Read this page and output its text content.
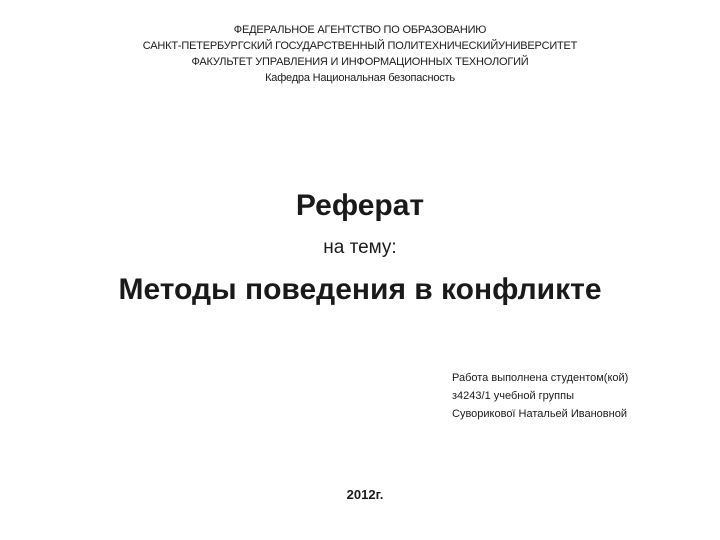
ФЕДЕРАЛЬНОЕ АГЕНТСТВО ПО ОБРАЗОВАНИЮ
САНКТ-ПЕТЕРБУРГСКИЙ ГОСУДАРСТВЕННЫЙ ПОЛИТЕХНИЧЕСКИЙУНИВЕРСИТЕТ
ФАКУЛЬТЕТ УПРАВЛЕНИЯ И ИНФОРМАЦИОННЫХ ТЕХНОЛОГИЙ
Кафедра Национальная безопасность
Реферат
на тему:
Методы поведения в конфликте
Работа выполнена студентом(кой)
з4243/1 учебной группы
Суворикової Натальей Ивановной
2012г.
